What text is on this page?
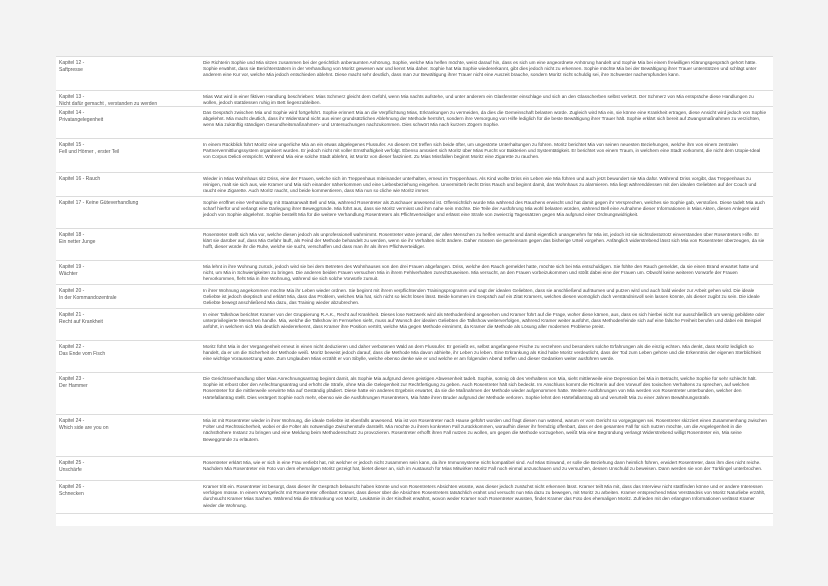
Kapitel 12 -
Saftpresse
Die Richterin Sophie und Mia sitzen zusammen bei der gerichtlich anberaumten Anhörung. Sophie, welche Mia helfen möchte, weist darauf hin, dass es sich um eine angeordnete Anhörung handelt und Sophie Mia bei einem freiwilligen Klärungsgespräch gehört hätte. Sophie erwähnt, dass sie Berichterstattern in der Verhandlung von Moritz gewesen war und kennt Mia daher. Sophie hat Mia Sophie wiedererkannt, gibt dies jedoch nicht zu erkennen. Sophie möchte Mia bei der Bewältigung ihrer Trauer unterstützen und schlägt unter anderem eine Kur vor, welche Mia jedoch entschieden ablehnt. Diese macht sehr deutlich, dass man zur Bewältigung ihrer Trauer nicht eine Auszeit brauche, sondern Moritz nicht schuldig sei, ihre Schwester nachempfunden kann.
Kapitel 13 -
Nicht dafür gemacht , verstanden zu werden
Mias Wut wird in einer fiktiven Handlung beschrieben: Mias Schmerz gleicht dem Gefühl, wenn Mia nachts aufstehe, und unter anderem ein Glasfenster einschlage und sich an den Glasscherben selbst verletzt. Der Schmerz von Mia entspräche diese Handlungen zu wollen, jedoch stattdessen ruhig im Bett liegenzubleiben.
Kapitel 14 -
Privatangelegenheit
Das Gespräch zwischen Mia und Sophie wird fortgeführt. Sophie erinnert Mia an die Verpflichtung Mias, Erkrankungen zu vermeiden, da dies die Gemeinschaft belasten würde. Zugleich wird Mia ein, sie könne eine Krankheit ertragen, diese Ansicht wird jedoch von Sophie abgelehnt. Mia macht deutlich, dass ihr Widerstand nicht aus einer grundsätzlichen Ablehnung der Methode herrührt, sondern ihre Versorgung von Hilfe lediglich für die beste Bewältigung ihrer Trauer hält. Sophie erklärt sich bereit auf Zwangsmaßnahmen zu verzichten, wenn Mia zukünftig ständigen Gesundheitsmaßnahmen- und Untersuchungen nachzukommen. Dies schwört Mia nach kurzem Zögern Sophie.
Kapitel 15 -
Fell und Hörner , erster Teil
In einem Rückblick führt Moritz eine ungerliche Mia an ein etwas abgelegenes Flussufer. An diesem Ort treffen sich beide öfter, um ungestörte Unterhaltungen zu führen. Moritz berichtet Mia von seinen neuesten Beziehungen, welche ihm von einem zentralen Partnervermittlungssystem organisiert wurden. Er jedoch nicht mit voller Ernsthaftigkeit verfolgt. Ebenso amüsiert sich Moritz über Mias Furcht vor Bakterien und Systemtätigkeit. Er berichtet von einem Traum, in welchem eine Stadt vorkommt, die nicht dem Utopie-Ideal von Corpus Delicti entspricht. Während Mia eine solche Stadt ablehnt, ist Moritz von dieser fasziniert. Zu Mias Missfallen beginnt Moritz eine Zigarette zu rauchen.
Kapitel 16 - Rauch	Wieder in Mias Wohnhaus sitz Driss, eine der Frauen, welche sich im Treppenhaus miteinander unterhalten, erneut im Treppenhaus. Als Kind wollte Driss ein Leben wie Mia führen und auch jetzt bewundert sie Mia dafür. Während Driss vorgibt, das Treppenhaus zu reinigen, malt sie sich aus, wie Kramer und Mia sich einander näherkommen und eine Liebesbeziehung eingehen. Unvermittelt riecht Driss Rauch und beginnt damit, das Wohnhaus zu alarmieren. Mia liegt währenddessen mit den idealen Geliebten auf der Couch und raucht eine Zigarette. Auch Moritz raucht, und beide kommentieren, dass Mia nun so cliche wie Moritz immer.
Kapitel 17 - Keine Güteverhandlung	Sophie eröffnet eine Verhandlung mit Staatsanwalt Bell und Mia, während Rosentreter als Zuschauer anwesend ist. Offensichtlich wurde Mia während des Rauchens erwischt und hat damit gegen ihr Versprechen, welches sie Sophie gab, verstoßen. Diese tadelt Mia auch scharf hierfür und verlangt eine Darlegung ihrer Beweggründe. Mia führt aus, dass sie Moritz vermisst und ihm nahe sein möchte. Die Teile der Ausführung Mia wohl belasten würden, während Bell eine Aufnahme dieser Informationen in Mias Akten, diesen Anlegen wird jedoch von Sophie abgelehnt. Sophie bestellt Mia für die weitere Verhandlung Rosentreters als Pflichtverteidiger und erlässt eine Strafe von zweierzig Tagessätzen gegen Mia aufgrund einer Ordnungswidrigkeit.
Kapitel 18 -
Ein netter Junge
Rosentreter stellt sich Mia vor, welche diesen jedoch als unprofessionell wahrnimmt. Rosentreter wäre jemand, der allen Menschen zu helfen versucht und damit eigentlich unangenehm für Mia ist, jedoch ist sie nichtsdestotrotz einverstanden über Rosentreters Hilfe. Er klärt sie darüber auf, dass Mia Gefahr läuft, als Feind der Methode behandelt zu werden, wenn sie ihr Verhalten nicht ändere. Daher müssen sie gemeinsam gegen das bisherige Urteil vorgehen. Anfänglich widerstrebend lässt sich Mia von Rosentreter überzeugen, da sie hofft, dieser würde ihr die Ruhe, welche sie sucht, verschaffen und dass man ihr als ihren Pflichtverteidiger.
Kapitel 19 -
Wächter
Mia lehnt in ihre Wohnung zurück, jedoch wird sie bei dem Betreten des Wohnhauses von den drei Frauen abgefangen. Driss, welche den Rauch gemeldet hatte, möchte sich bei Mia entschuldigen. Sie fühlte den Rauch gemeldet, da sie einen Brand erwartet hatte und nicht, um Mia in Schwierigkeiten zu bringen. Die anderen beiden Frauen versuchen Mia in ihrem Fehlverhalten zurechtzuweisen. Mia versucht, an den Frauen vorbeizukommen und stößt dabei eine der Frauen um. Obwohl keine weiteren Vorwürfe der Frauen hervorkommen, fleht Mia in ihre Wohnung, während sie sich solche Vorwürfe zumuit.
Kapitel 20 -
In der Kommandozentrale
In ihrer Wohnung angekommen möchte Mia ihr Leben wieder ordnen. Sie beginnt mit ihrem verpflichtenden Trainingsprogramm und sagt der idealen Geliebten, dass sie anschließend aufräumen und putzen wird und auch bald wieder zur Arbeit gehen wird. Die ideale Geliebte ist jedoch skeptisch und erklärt Mia, dass das Problem, welches Mia hat, sich nicht so leicht lösen lässt. Beide kommen im Gespräch auf ein Zitat Kramers, welches diesen womöglich doch verständnisvoll sein lassen könnte, als dieser zugibt zu sein. Die ideale Geliebte bewegt anschließend Mia dazu, das Training wieder abzubrechen.
Kapitel 21 -
Recht auf Krankheit
In einer Talkshow berichtet Kramer von der Gruppierung R.A.K., Recht auf Krankheit. Dieses lose Netzwerk wird als Methodenfeind angesehen und Kramer führt auf die Frage, woher diese kämen, aus, dass es sich hierbei nicht nur ausschließlich um wenig gebildete oder unterprivilegierte Menschen handle. Mia, welche die Talkshow im Fernsehen sieht, muss auf Wunsch der idealen Geliebten die Talkshow weiterverfolgen, während Kramer weiter ausführt, dass Methodenfeinde sich auf eine falsche Freiheit berufen und dabei ein Beispiel anführt, in welchem sich Mia deutlich wiedererkennt, dass Kramer ihre Position vertritt, welche Mia gegen Methode einnimmt, da Kramer die Methode als Lösung aller modernen Probleme preist.
Kapitel 22 -
Das Ende vom Fisch
Moritz führt Mia in der Vergangenheit erneut in einen nicht deduzieren und daher verbotenen Wald an dem Flussufer. Er genießt es, selbst angefangene Fische zu verzehren und besonders solche Erfahrungen als die einzig echten. Mia denkt, dass Moritz lediglich so handelt, da er um die Sicherheit der Methode weiß. Moritz beweist jedoch darauf, dass die Methode Mia davon abhielte, ihr Leben zu leben. Eine Erkrankung als Kind habe Moritz verdeutlicht, dass der Tod zum Leben gehöre und die Erkenntnis der eigenen Sterblichkeit eine wichtige Voraussetzung wäre. Zum Unglauben Mias erzählt er von Sibylle, welche ebenso denke wie er und welche er am folgenden Abend treffen und dieser Gedanken weiter ausführen werde.
Kapitel 23 -
Der Hammer
Die Gerichtsverhandlung über Mias Anrechnungsantrag beginnt damit, als Sophie Mia aufgrund deren geistigen Abwesenheit tadelt. Sophie, sonnig ob des Verhaltens von Mia, sieht mittlerweile eine Depression bei Mia in Betracht, welche Sophie für sehr schlecht hält. Sophie ist erbost über den Anfechtungsantrag und erhöht die Strafe, ohne Mia die Gelegenheit zur Rechtfertigung zu geben. Auch Rosentreter hält sich bedeckt. Im Anschluss kommt die Richterin auf den Vorwurf des toxischen Verhaltens zu sprechen, auf welchen Rosentreter für die mittlerweile verwirrte Mia auf Geständig plädiert. Diese hatte ein anderes Ergebnis erwartet, da sie die Maßnahmen der Methode wieder aufgenommen hatte. Weitere Ausführungen von Mia werden von Rosentreter unterbunden, welcher den Härtefallantrag stellt. Dies verärgert Sophie noch mehr, ebenso wie die Ausführungen Rosentreters, Mia hätte ihren Bruder aufgrund der Methode verloren. Sophie lehnt den Härtefallantrag ab und verurteilt Mia zu einer Jahren Bewährungsstrafe.
Kapitel 24 -
Which side are you on
Mia ist mit Rosentreter wieder in ihrer Wohnung, die ideale Geliebte ist ebenfalls anwesend. Mia ist von Rosentreter nach Hause geführt worden und fragt diesen nun wütend, warum er vom Gericht so vorgegangen sei. Rosentreter skizziert einen Zusammenhang zwischen Folter und Rechtssicherheit, wobei er die Folter als notwendige Zwischenstufe darstellt. Mia möchte zu ihrem konkreten Fall zurückkommen, woraufhin dieser ihr fremdzig offenbart, dass er den gesamten Fall für sich nutzen möchte, um die Angelegenheit in die nächsthöhere Instanz zu bringen und eine Meldung beim Methodenschutz zu provozieren. Rosentreter erhofft ihren Fall nutzen zu wollen, um gegen die Methode vorzugehen, weißt Mia eine Begründung verlangt Widerstrebend willigt Rosentreter ein, Mia seine Beweggründe zu erläutern.
Kapitel 25 -
Unschärfe
Rosentreter erklärt Mia, wie er sich in eine Frau verliebt hat, mit welcher er jedoch nicht zusammen sein kann, da ihre Immunsysteme nicht kompatibel sind. Auf Mias Einwand, er solle die Beziehung dann heimlich führen, erwidert Rosentreter, dass ihm dies nicht reiche. Nachdem Mia Rosentreter ein Foto von dem ehemaligen Moritz gezeigt hat, bietet dieser an, sich im Austausch für Mias Mitwirken Moritz Fall noch einmal anzuschauen und zu versuchen, dessen Unschuld zu beweisen. Dann werden sie von der Türklingel unterbrochen.
Kapitel 26 -
Schnecken
Kramer tritt ein. Rosentreter ist besorgt, dass dieser ihr Gespräch belauscht haben könnte und von Rosentreters Absichten wüsste, was dieser jedoch zunächst nicht erkennen lässt. Kramer teilt Mia mit, dass das Interview nicht stattfinden könne und er andere Interessen verfolgen müsse. In einem Wortgefecht mit Rosentreter offenbart Kramer, dass dieser über die Absichten Rosentreters tatsächlich erahnt und versucht nun Mia dazu zu bewegen, mit Moritz zu arbeiten. Kramer entsprechend Mias Verständnis von Moritz Naturliebe erzählt, durchsucht Kramer Mias Sachen. Während Mia die Erkrankung von Moritz, Leukämie in der Kindheit erwähnt, wovon weder Kramer noch Rosentreter wussten, findet Kramer das Foto des ehemaligen Moritz. Zufrieden mit den erlangten Informationen verlässt Kramer wieder die Wohnung.
